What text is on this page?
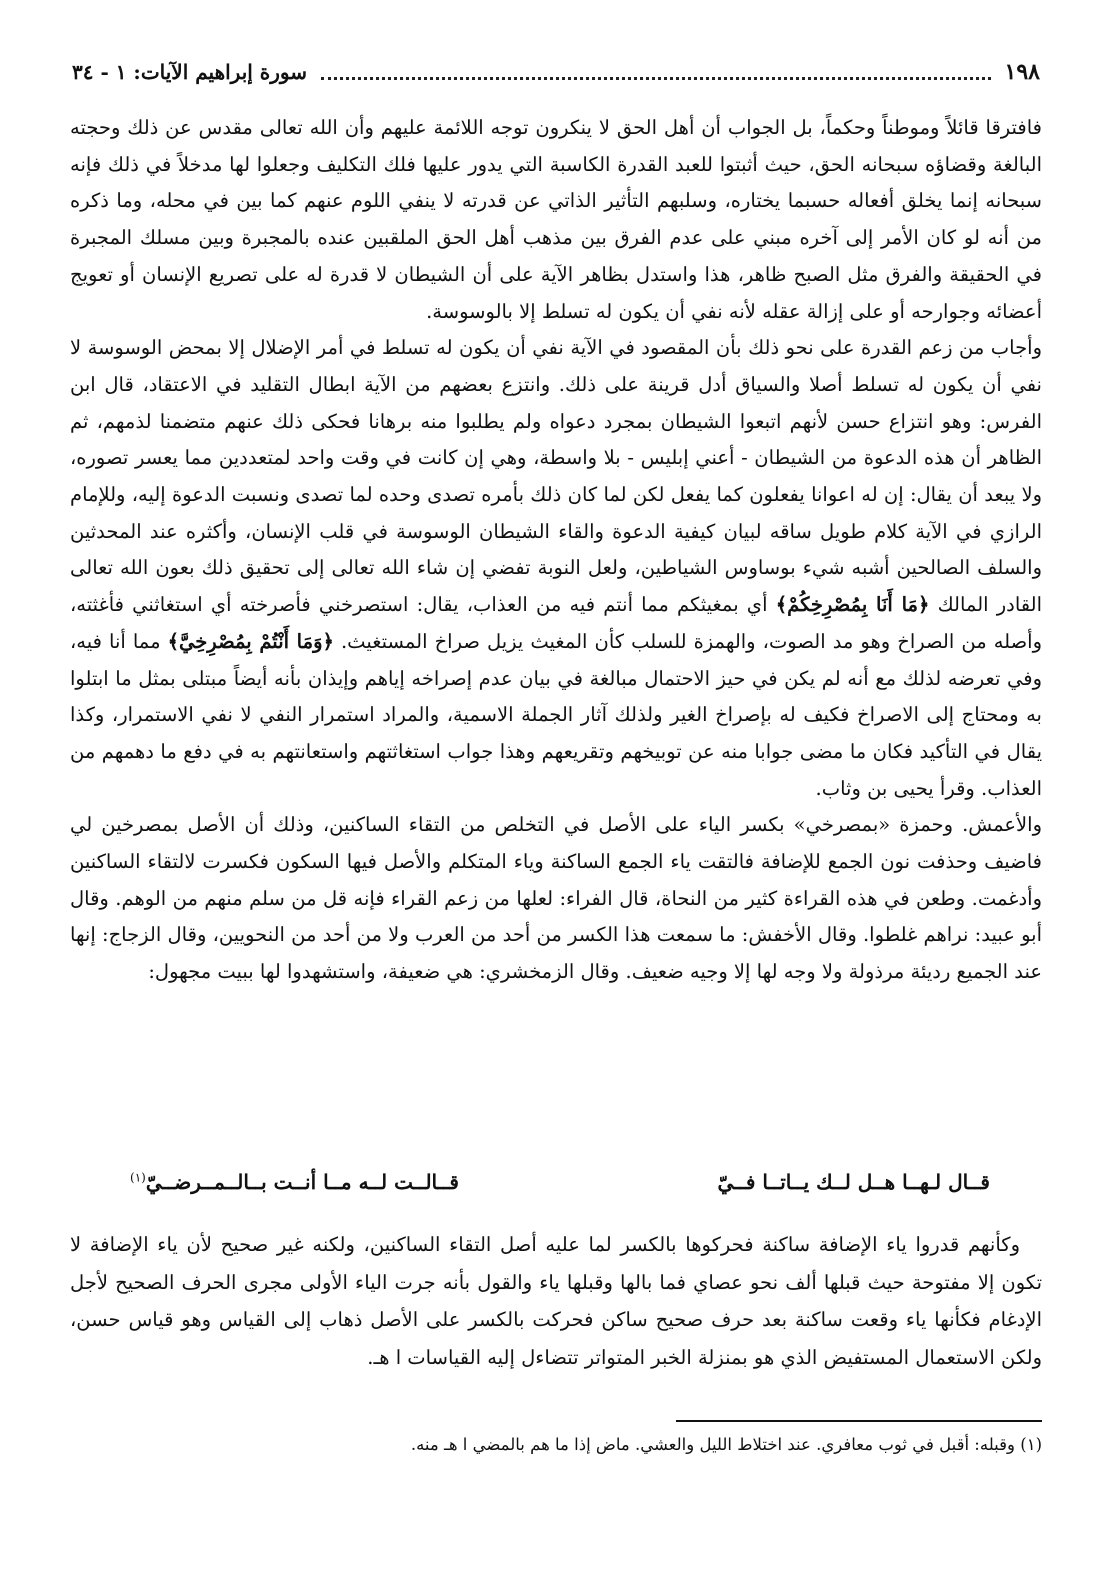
١٩٨
سورة إبراهيم الآيات: ١ - ٣٤

فافترقا قائلاً وموطناً وحكماً، بل الجواب أن أهل الحق لا ينكرون توجه اللائمة عليهم وأن الله تعالى مقدس عن ذلك وحجته البالغة وقضاؤه سبحانه الحق، حيث أثبتوا للعبد القدرة الكاسبة التي يدور عليها فلك التكليف وجعلوا لها مدخلاً في ذلك فإنه سبحانه إنما يخلق أفعاله حسبما يختاره، وسلبهم التأثير الذاتي عن قدرته لا ينفي اللوم عنهم كما بين في محله، وما ذكره من أنه لو كان الأمر إلى آخره مبني على عدم الفرق بين مذهب أهل الحق الملقبين عنده بالمجبرة وبين مسلك المجبرة في الحقيقة والفرق مثل الصبح ظاهر، هذا واستدل بظاهر الآية على أن الشيطان لا قدرة له على تصريع الإنسان أو تعويج أعضائه وجوارحه أو على إزالة عقله لأنه نفي أن يكون له تسلط إلا بالوسوسة.

وأجاب من زعم القدرة على نحو ذلك بأن المقصود في الآية نفي أن يكون له تسلط في أمر الإضلال إلا بمحض الوسوسة لا نفي أن يكون له تسلط أصلا والسياق أدل قرينة على ذلك. وانتزع بعضهم من الآية ابطال التقليد في الاعتقاد، قال ابن الفرس: وهو انتزاع حسن لأنهم اتبعوا الشيطان بمجرد دعواه ولم يطلبوا منه برهانا فحكى ذلك عنهم متضمنا لذمهم، ثم الظاهر أن هذه الدعوة من الشيطان - أعني إبليس - بلا واسطة، وهي إن كانت في وقت واحد لمتعددين مما يعسر تصوره، ولا يبعد أن يقال: إن له اعوانا يفعلون كما يفعل لكن لما كان ذلك بأمره تصدى وحده لما تصدى ونسبت الدعوة إليه، وللإمام الرازي في الآية كلام طويل ساقه لبيان كيفية الدعوة والقاء الشيطان الوسوسة في قلب الإنسان، وأكثره عند المحدثين والسلف الصالحين أشبه شيء بوساوس الشياطين، ولعل النوبة تفضي إن شاء الله تعالى إلى تحقيق ذلك بعون الله تعالى القادر المالك ﴿مَا أَنَا بِمُصْرِخِكُمْ﴾ أي بمغيثكم مما أنتم فيه من العذاب، يقال: استصرخني فأصرخته أي استغاثني فأغثته، وأصله من الصراخ وهو مد الصوت، والهمزة للسلب كأن المغيث يزيل صراخ المستغيث. ﴿وَمَا أَنْتُمْ بِمُصْرِخِيَّ﴾ مما أنا فيه، وفي تعرضه لذلك مع أنه لم يكن في حيز الاحتمال مبالغة في بيان عدم إصراخه إياهم وإيذان بأنه أيضاً مبتلى بمثل ما ابتلوا به ومحتاج إلى الاصراخ فكيف له بإصراخ الغير ولذلك آثار الجملة الاسمية، والمراد استمرار النفي لا نفي الاستمرار، وكذا يقال في التأكيد فكان ما مضى جوابا منه عن توبيخهم وتقريعهم وهذا جواب استغاثتهم واستعانتهم به في دفع ما دهمهم من العذاب. وقرأ يحيى بن وثاب.

والأعمش. وحمزة «بمصرخي» بكسر الياء على الأصل في التخلص من التقاء الساكنين، وذلك أن الأصل بمصرخين لي فاضيف وحذفت نون الجمع للإضافة فالتقت ياء الجمع الساكنة وياء المتكلم والأصل فيها السكون فكسرت لالتقاء الساكنين وأدغمت. وطعن في هذه القراءة كثير من النحاة، قال الفراء: لعلها من زعم القراء فإنه قل من سلم منهم من الوهم. وقال أبو عبيد: نراهم غلطوا. وقال الأخفش: ما سمعت هذا الكسر من أحد من العرب ولا من أحد من النحويين، وقال الزجاج: إنها عند الجميع رديئة مرذولة ولا وجه لها إلا وجيه ضعيف. وقال الزمخشري: هي ضعيفة، واستشهدوا لها ببيت مجهول:

قــال لـهــا هــل لــك يــاتــا فــيّ
قــالــت لــه مــا أنــت بــالــمــرضــيّ$^{(١)}$

وكأنهم قدروا ياء الإضافة ساكنة فحركوها بالكسر لما عليه أصل التقاء الساكنين، ولكنه غير صحيح لأن ياء الإضافة لا تكون إلا مفتوحة حيث قبلها ألف نحو عصاي فما بالها وقبلها ياء والقول بأنه جرت الياء الأولى مجرى الحرف الصحيح لأجل الإدغام فكأنها ياء وقعت ساكنة بعد حرف صحيح ساكن فحركت بالكسر على الأصل ذهاب إلى القياس وهو قياس حسن، ولكن الاستعمال المستفيض الذي هو بمنزلة الخبر المتواتر تتضاءل إليه القياسات ا هـ.

(١) وقبله: أقبل في ثوب معافري. عند اختلاط الليل والعشي. ماض إذا ما هم بالمضي ا هـ منه.
